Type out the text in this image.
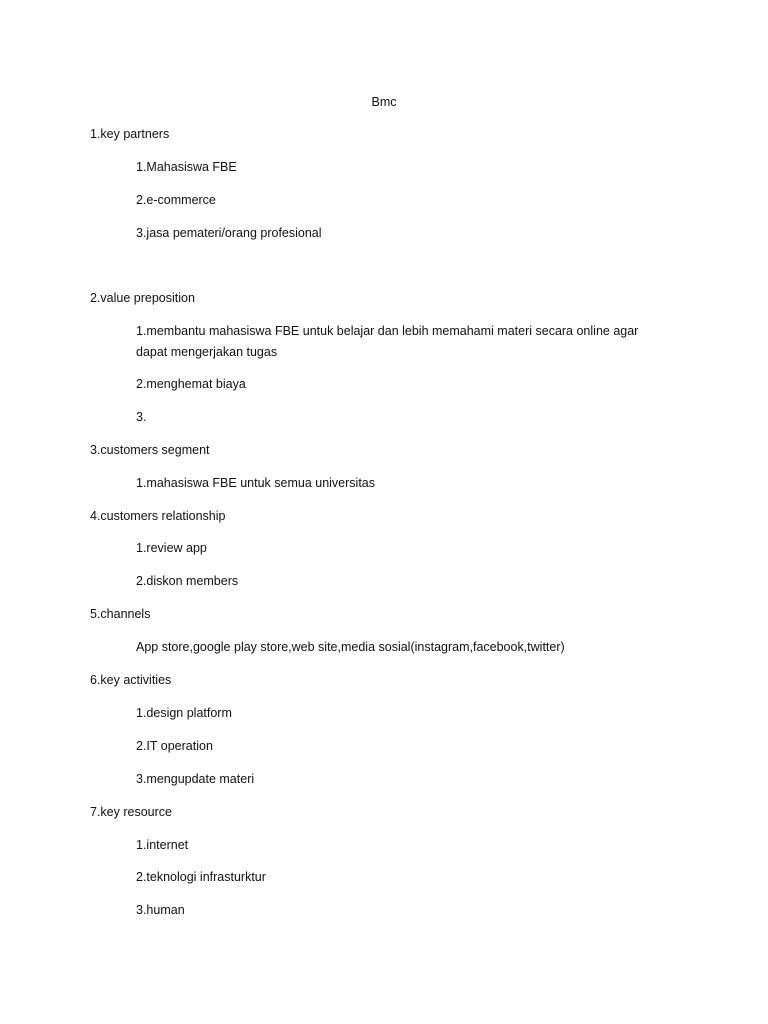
Bmc
1.key partners
1.Mahasiswa FBE
2.e-commerce
3.jasa pemateri/orang profesional
2.value preposition
1.membantu mahasiswa FBE untuk belajar dan lebih memahami materi secara online agar dapat mengerjakan tugas
2.menghemat biaya
3.
3.customers segment
1.mahasiswa FBE untuk semua universitas
4.customers relationship
1.review app
2.diskon members
5.channels
App store,google play store,web site,media sosial(instagram,facebook,twitter)
6.key activities
1.design platform
2.IT operation
3.mengupdate materi
7.key resource
1.internet
2.teknologi infrasturktur
3.human
